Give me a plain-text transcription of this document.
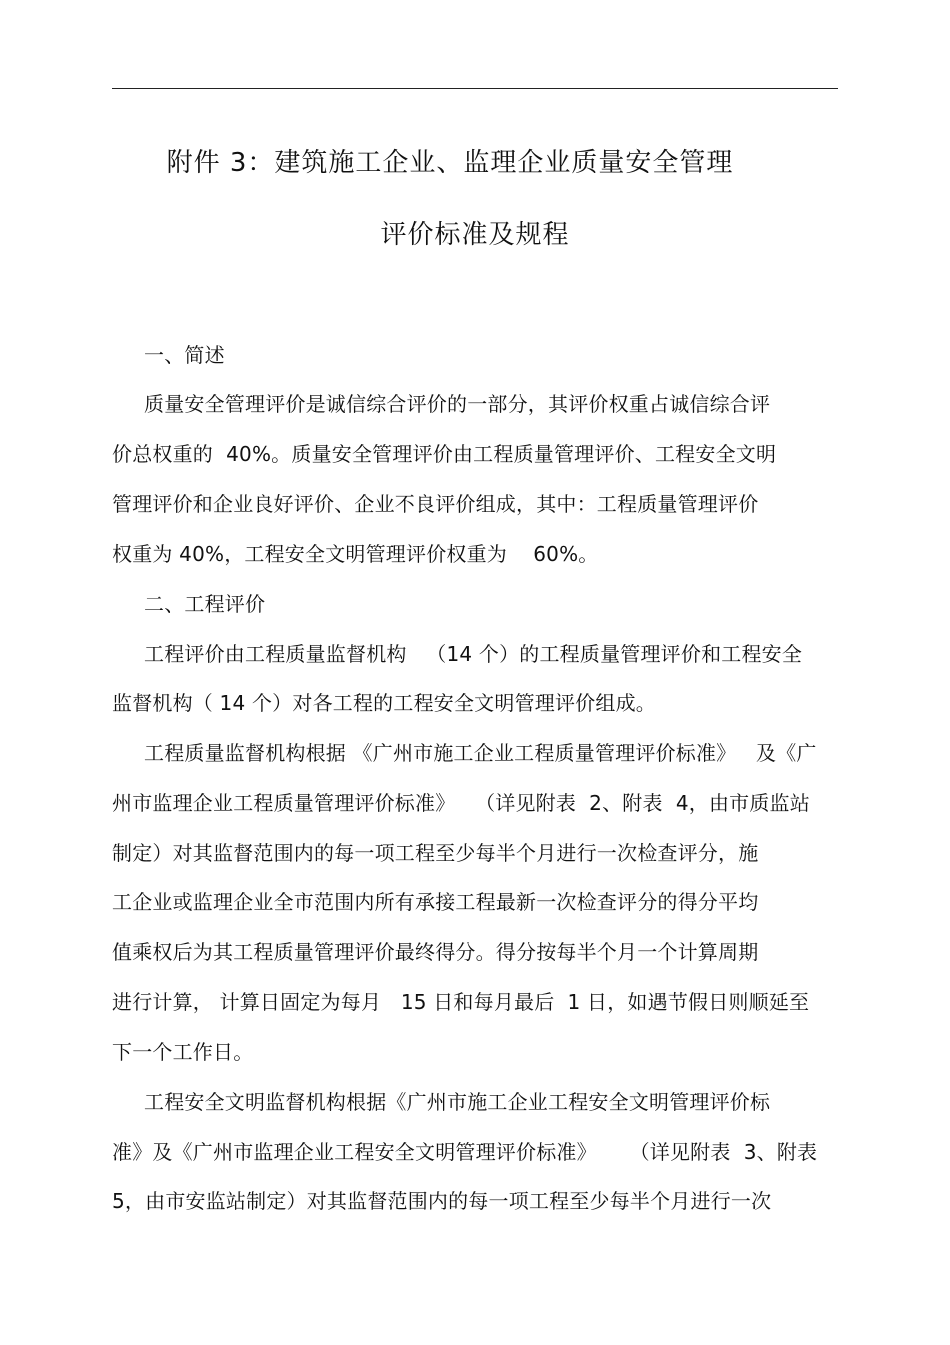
附件 3：建筑施工企业、监理企业质量安全管理
评价标准及规程
一、简述
质量安全管理评价是诚信综合评价的一部分，其评价权重占诚信综合评
价总权重的  40%。质量安全管理评价由工程质量管理评价、工程安全文明
管理评价和企业良好评价、企业不良评价组成，其中：工程质量管理评价
权重为 40%，工程安全文明管理评价权重为    60%。
二、工程评价
工程评价由工程质量监督机构   （14 个）的工程质量管理评价和工程安全
监督机构（ 14 个）对各工程的工程安全文明管理评价组成。
工程质量监督机构根据 《广州市施工企业工程质量管理评价标准》   及《广
州市监理企业工程质量管理评价标准》   （详见附表  2、附表  4，由市质监站
制定）对其监督范围内的每一项工程至少每半个月进行一次检查评分，施
工企业或监理企业全市范围内所有承接工程最新一次检查评分的得分平均
值乘权后为其工程质量管理评价最终得分。得分按每半个月一个计算周期
进行计算， 计算日固定为每月   15 日和每月最后  1 日，如遇节假日则顺延至
下一个工作日。
工程安全文明监督机构根据《广州市施工企业工程安全文明管理评价标
准》及《广州市监理企业工程安全文明管理评价标准》     （详见附表  3、附表
5，由市安监站制定）对其监督范围内的每一项工程至少每半个月进行一次
